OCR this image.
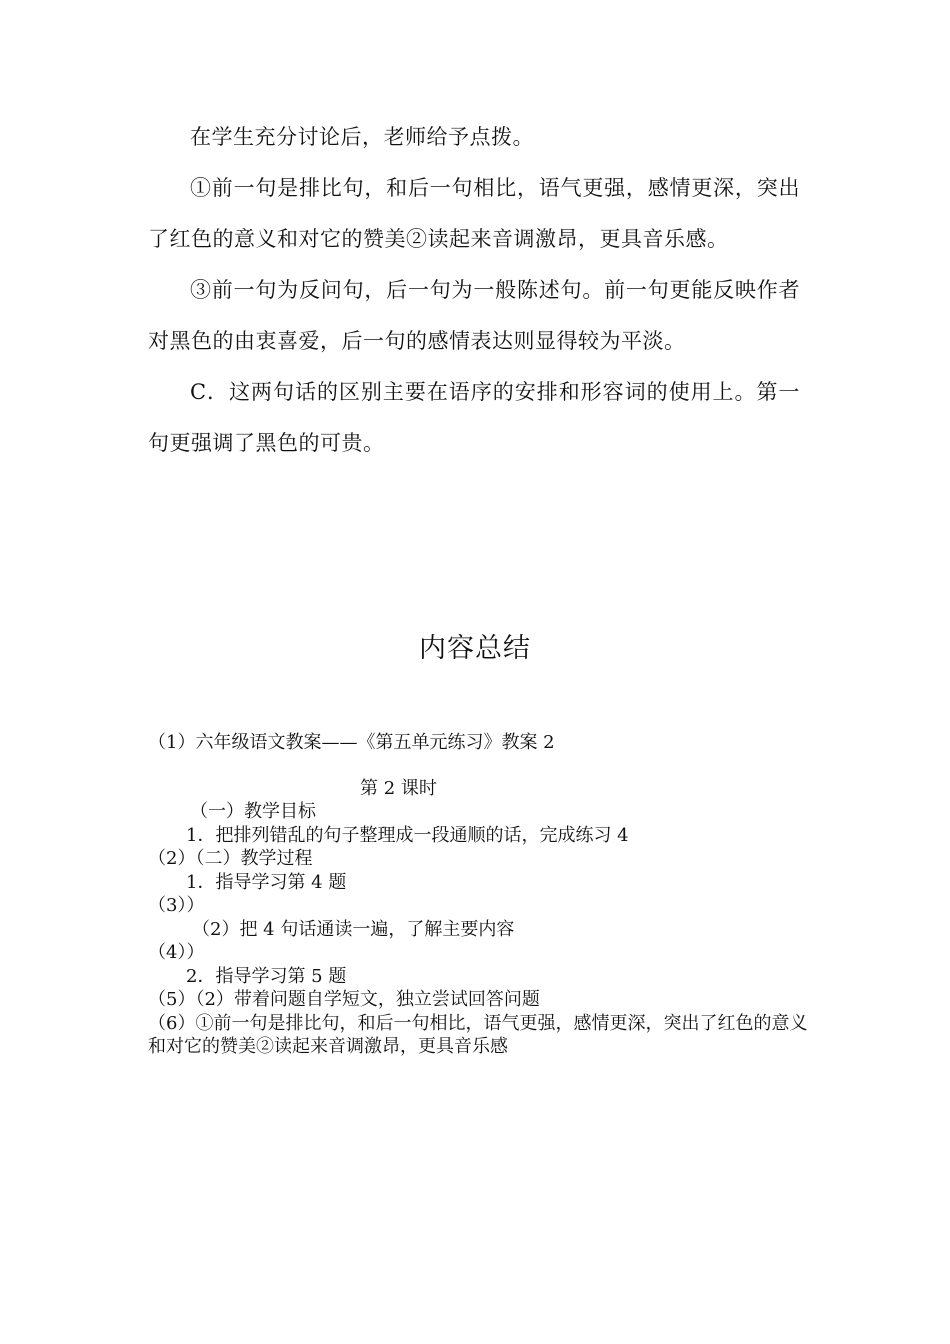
在学生充分讨论后，老师给予点拨。

①前一句是排比句，和后一句相比，语气更强，感情更深，突出了红色的意义和对它的赞美②读起来音调激昂，更具音乐感。

③前一句为反问句，后一句为一般陈述句。前一句更能反映作者对黑色的由衷喜爱，后一句的感情表达则显得较为平淡。

C．这两句话的区别主要在语序的安排和形容词的使用上。第一句更强调了黑色的可贵。

内容总结

（1）六年级语文教案——《第五单元练习》教案 2

第 2 课时

（一）教学目标

1．把排列错乱的句子整理成一段通顺的话，完成练习 4

（2）（二）教学过程

1．指导学习第 4 题

（3））

（2）把 4 句话通读一遍，了解主要内容

（4））

2．指导学习第 5 题

（5）（2）带着问题自学短文，独立尝试回答问题

（6）①前一句是排比句，和后一句相比，语气更强，感情更深，突出了红色的意义和对它的赞美②读起来音调激昂，更具音乐感
